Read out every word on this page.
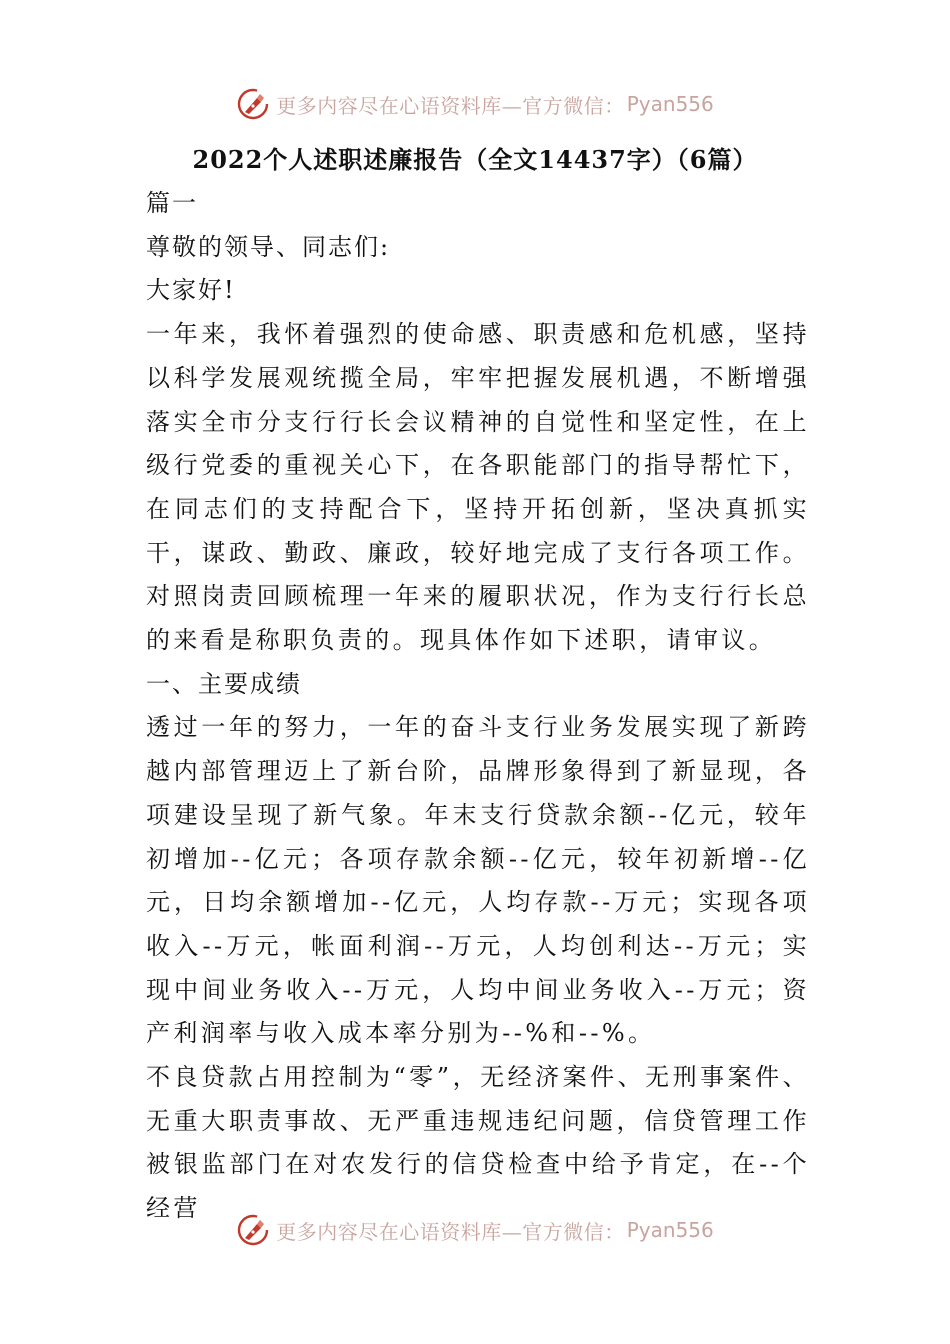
更多内容尽在心语资料库—官方微信： Pyan556
2022个人述职述廉报告（全文14437字）（6篇）

篇一

尊敬的领导、同志们:

大家好!

一年来，我怀着强烈的使命感、职责感和危机感，坚持以科学发展观统揽全局，牢牢把握发展机遇，不断增强落实全市分支行行长会议精神的自觉性和坚定性，在上级行党委的重视关心下，在各职能部门的指导帮忙下，在同志们的支持配合下，坚持开拓创新，坚决真抓实干，谋政、勤政、廉政，较好地完成了支行各项工作。对照岗责回顾梳理一年来的履职状况，作为支行行长总的来看是称职负责的。现具体作如下述职，请审议。

一、主要成绩

透过一年的努力，一年的奋斗支行业务发展实现了新跨越内部管理迈上了新台阶，品牌形象得到了新显现，各项建设呈现了新气象。年末支行贷款余额--亿元，较年初增加--亿元；各项存款余额--亿元，较年初新增--亿元，日均余额增加--亿元，人均存款--万元；实现各项收入--万元，帐面利润--万元，人均创利达--万元；实现中间业务收入--万元，人均中间业务收入--万元；资产利润率与收入成本率分别为--%和--%。

不良贷款占用控制为“零”，无经济案件、无刑事案件、无重大职责事故、无严重违规违纪问题，信贷管理工作被银监部门在对农发行的信贷检查中给予肯定，在--个经营

更多内容尽在心语资料库—官方微信： Pyan556
